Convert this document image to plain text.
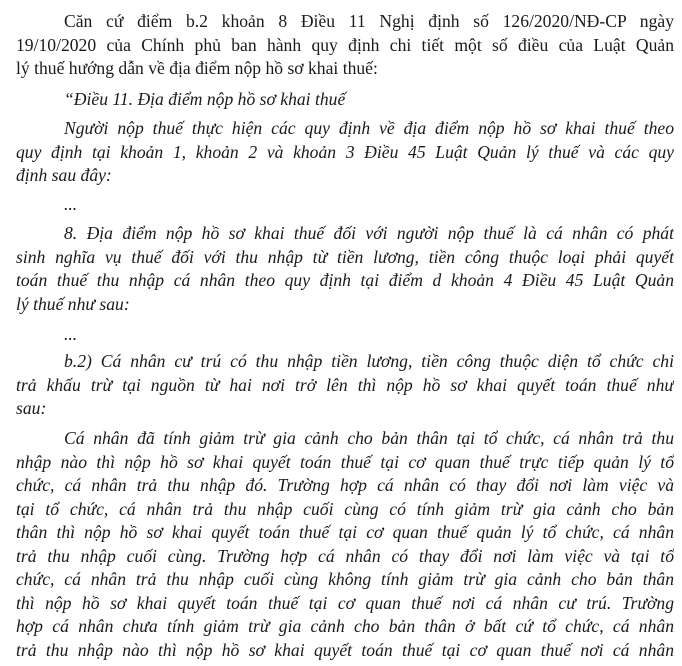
Căn cứ điểm b.2 khoản 8 Điều 11 Nghị định số 126/2020/NĐ-CP ngày
19/10/2020 của Chính phủ ban hành quy định chi tiết một số điều của Luật Quản
lý thuế hướng dẫn về địa điểm nộp hồ sơ khai thuế:

“Điều 11. Địa điểm nộp hồ sơ khai thuế

Người nộp thuế thực hiện các quy định về địa điểm nộp hồ sơ khai thuế theo
quy định tại khoản 1, khoản 2 và khoản 3 Điều 45 Luật Quản lý thuế và các quy
định sau đây:

...

8. Địa điểm nộp hồ sơ khai thuế đối với người nộp thuế là cá nhân có phát
sinh nghĩa vụ thuế đối với thu nhập từ tiền lương, tiền công thuộc loại phải quyết
toán thuế thu nhập cá nhân theo quy định tại điểm d khoản 4 Điều 45 Luật Quản
lý thuế như sau:

...

b.2) Cá nhân cư trú có thu nhập tiền lương, tiền công thuộc diện tổ chức chi
trả khấu trừ tại nguồn từ hai nơi trở lên thì nộp hồ sơ khai quyết toán thuế như
sau:

Cá nhân đã tính giảm trừ gia cảnh cho bản thân tại tổ chức, cá nhân trả thu
nhập nào thì nộp hồ sơ khai quyết toán thuế tại cơ quan thuế trực tiếp quản lý tổ
chức, cá nhân trả thu nhập đó. Trường hợp cá nhân có thay đổi nơi làm việc và
tại tổ chức, cá nhân trả thu nhập cuối cùng có tính giảm trừ gia cảnh cho bản
thân thì nộp hồ sơ khai quyết toán thuế tại cơ quan thuế quản lý tổ chức, cá nhân
trả thu nhập cuối cùng. Trường hợp cá nhân có thay đổi nơi làm việc và tại tổ
chức, cá nhân trả thu nhập cuối cùng không tính giảm trừ gia cảnh cho bản thân
thì nộp hồ sơ khai quyết toán thuế tại cơ quan thuế nơi cá nhân cư trú. Trường
hợp cá nhân chưa tính giảm trừ gia cảnh cho bản thân ở bất cứ tổ chức, cá nhân
trả thu nhập nào thì nộp hồ sơ khai quyết toán thuế tại cơ quan thuế nơi cá nhân
